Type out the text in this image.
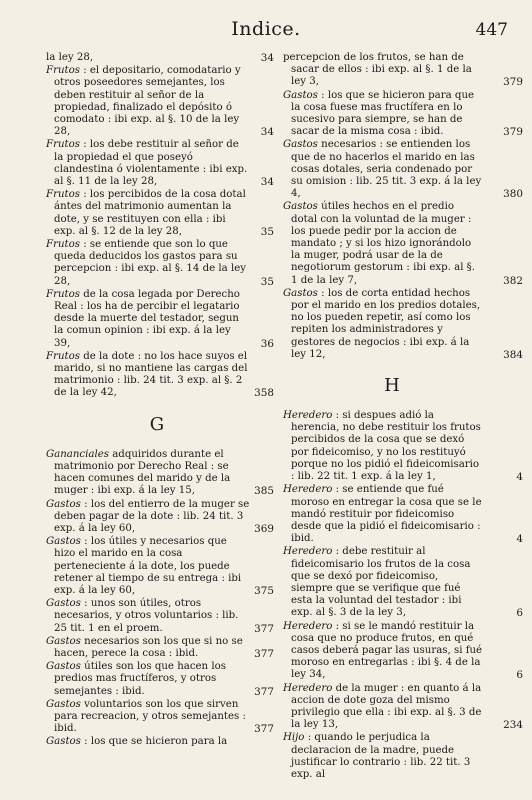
Indice.	447
la ley 28,	34
Frutos : el depositario, comodatario y otros poseedores semejantes, los deben restituir al señor de la propiedad, finalizado el depósito ó comodato : ibi exp. al §. 10 de la ley 28,	34
Frutos : los debe restituir al señor de la propiedad el que poseyó clandestina ó violentamente : ibi exp. al §. 11 de la ley 28,	34
Frutos : los percibidos de la cosa dotal ántes del matrimonio aumentan la dote, y se restituyen con ella : ibi exp. al §. 12 de la ley 28,	35
Frutos : se entiende que son lo que queda deducidos los gastos para su percepcion : ibi exp. al §. 14 de la ley 28,	35
Frutos de la cosa legada por Derecho Real : los ha de percibir el legatario desde la muerte del testador, segun la comun opinion : ibi exp. á la ley 39,	36
Frutos de la dote : no los hace suyos el marido, si no mantiene las cargas del matrimonio : lib. 24 tit. 3 exp. al §. 2 de la ley 42,	358
G
Gananciales adquiridos durante el matrimonio por Derecho Real : se hacen comunes del marido y de la muger : ibi exp. á la ley 15,	385
Gastos : los del entierro de la muger se deben pagar de la dote : lib. 24 tit. 3 exp. á la ley 60,	369
Gastos : los útiles y necesarios que hizo el marido en la cosa perteneciente á la dote, los puede retener al tiempo de su entrega : ibi exp. á la ley 60,	375
Gastos : unos son útiles, otros necesarios, y otros voluntarios : lib. 25 tit. 1 en el proem.	377
Gastos necesarios son los que si no se hacen, perece la cosa : ibid.	377
Gastos útiles son los que hacen los predios mas fructíferos, y otros semejantes : ibid.	377
Gastos voluntarios son los que sirven para recreacion, y otros semejantes : ibid.	377
Gastos : los que se hicieron para la
percepcion de los frutos, se han de sacar de ellos : ibi exp. al §. 1 de la ley 3,	379
Gastos : los que se hicieron para que la cosa fuese mas fructífera en lo sucesivo para siempre, se han de sacar de la misma cosa : ibid.	379
Gastos necesarios : se entienden los que de no hacerlos el marido en las cosas dotales, seria condenado por su omision : lib. 25 tit. 3 exp. á la ley 4,	380
Gastos útiles hechos en el predio dotal con la voluntad de la muger : los puede pedir por la accion de mandato ; y si los hizo ignorándolo la muger, podrá usar de la de negotiorum gestorum : ibi exp. al §. 1 de la ley 7,	382
Gastos : los de corta entidad hechos por el marido en los predios dotales, no los pueden repetir, así como los repiten los administradores y gestores de negocios : ibi exp. á la ley 12,	384
H
Heredero : si despues adió la herencia, no debe restituir los frutos percibidos de la cosa que se dexó por fideicomiso, y no los restituyó porque no los pidió el fideicomisario : lib. 22 tit. 1 exp. á la ley 1,	4
Heredero : se entiende que fué moroso en entregar la cosa que se le mandó restituir por fideicomiso desde que la pidió el fideicomisario : ibid.	4
Heredero : debe restituir al fideicomisario los frutos de la cosa que se dexó por fideicomiso, siempre que se verifique que fué esta la voluntad del testador : ibi exp. al §. 3 de la ley 3,	6
Heredero : si se le mandó restituir la cosa que no produce frutos, en qué casos deberá pagar las usuras, si fué moroso en entregarlas : ibi §. 4 de la ley 34,	6
Heredero de la muger : en quanto á la accion de dote goza del mismo privilegio que ella : ibi exp. al §. 3 de la ley 13,	234
Hijo : quando le perjudica la declaracion de la madre, puede justificar lo contrario : lib. 22 tit. 3 exp. al
